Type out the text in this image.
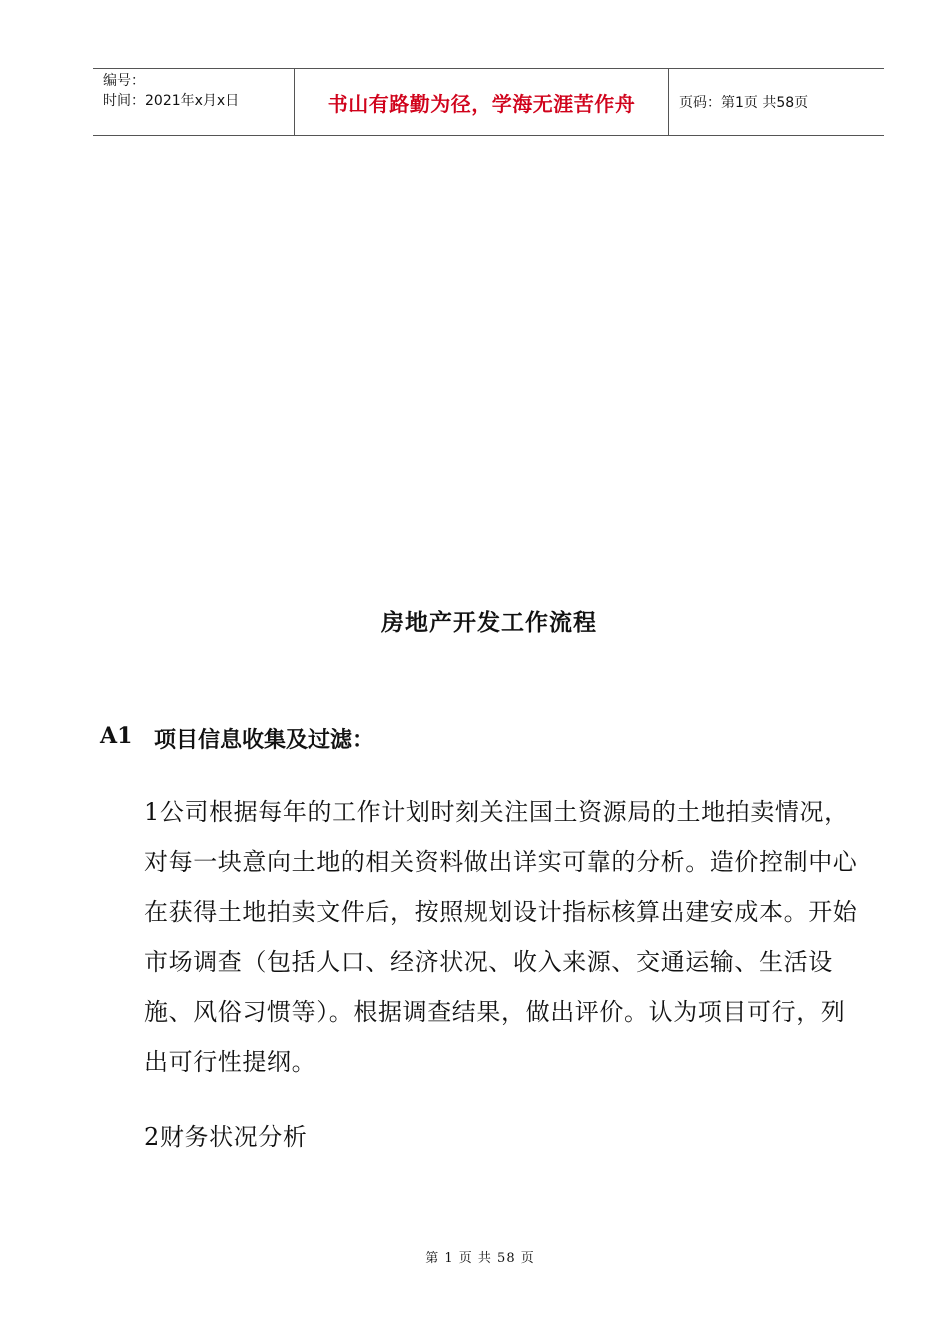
编号：
时间：2021年x月x日	书山有路勤为径，学海无涯苦作舟	页码：第1页 共58页
房地产开发工作流程
A1 项目信息收集及过滤：
1公司根据每年的工作计划时刻关注国土资源局的土地拍卖情况，对每一块意向土地的相关资料做出详实可靠的分析。造价控制中心在获得土地拍卖文件后，按照规划设计指标核算出建安成本。开始市场调查（包括人口、经济状况、收入来源、交通运输、生活设施、风俗习惯等）。根据调查结果，做出评价。认为项目可行，列出可行性提纲。
2财务状况分析
第 1 页 共 58 页
